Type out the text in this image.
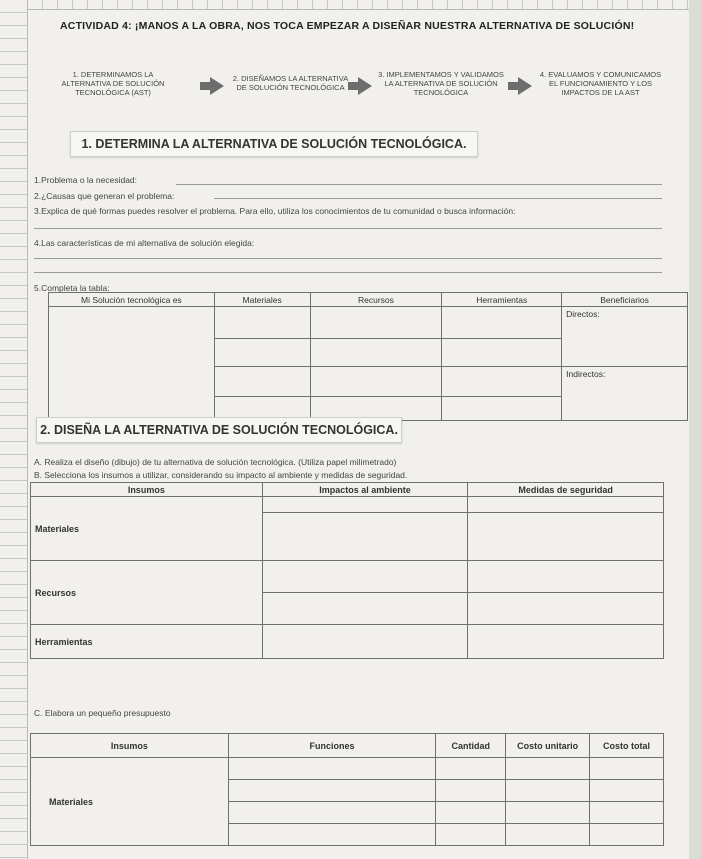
ACTIVIDAD 4: ¡MANOS A LA OBRA, NOS TOCA EMPEZAR A DISEÑAR NUESTRA ALTERNATIVA DE SOLUCIÓN!
1. DETERMINAMOS LA ALTERNATIVA DE SOLUCIÓN TECNOLÓGICA (AST)
2. DISEÑAMOS LA ALTERNATIVA DE SOLUCIÓN TECNOLÓGICA
3. IMPLEMENTAMOS Y VALIDAMOS LA ALTERNATIVA DE SOLUCIÓN TECNOLÓGICA
4. EVALUAMOS Y COMUNICAMOS EL FUNCIONAMIENTO Y LOS IMPACTOS DE LA AST
1. DETERMINA LA ALTERNATIVA DE SOLUCIÓN TECNOLÓGICA.
1.Problema o la necesidad:
2.¿Causas que generan el problema:
3.Explica de qué formas puedes resolver el problema. Para ello, utiliza los conocimientos de tu comunidad o busca información:
4.Las características de mi alternativa de solución elegida:
5.Completa la tabla:
Mi Solución tecnológica es	Materiales	Recursos	Herramientas	Beneficiarios
				Directos:

				Indirectos:

2. DISEÑA LA ALTERNATIVA DE SOLUCIÓN TECNOLÓGICA.
A. Realiza el diseño (dibujo) de tu alternativa de solución tecnológica. (Utiliza papel milimetrado)
B. Selecciona los insumos a utilizar, considerando su impacto al ambiente y medidas de seguridad.
Insumos	Impactos al ambiente	Medidas de seguridad
Materiales		

Recursos		

Herramientas		
C. Elabora un pequeño presupuesto
Insumos	Funciones	Cantidad	Costo unitario	Costo total
Materiales				
